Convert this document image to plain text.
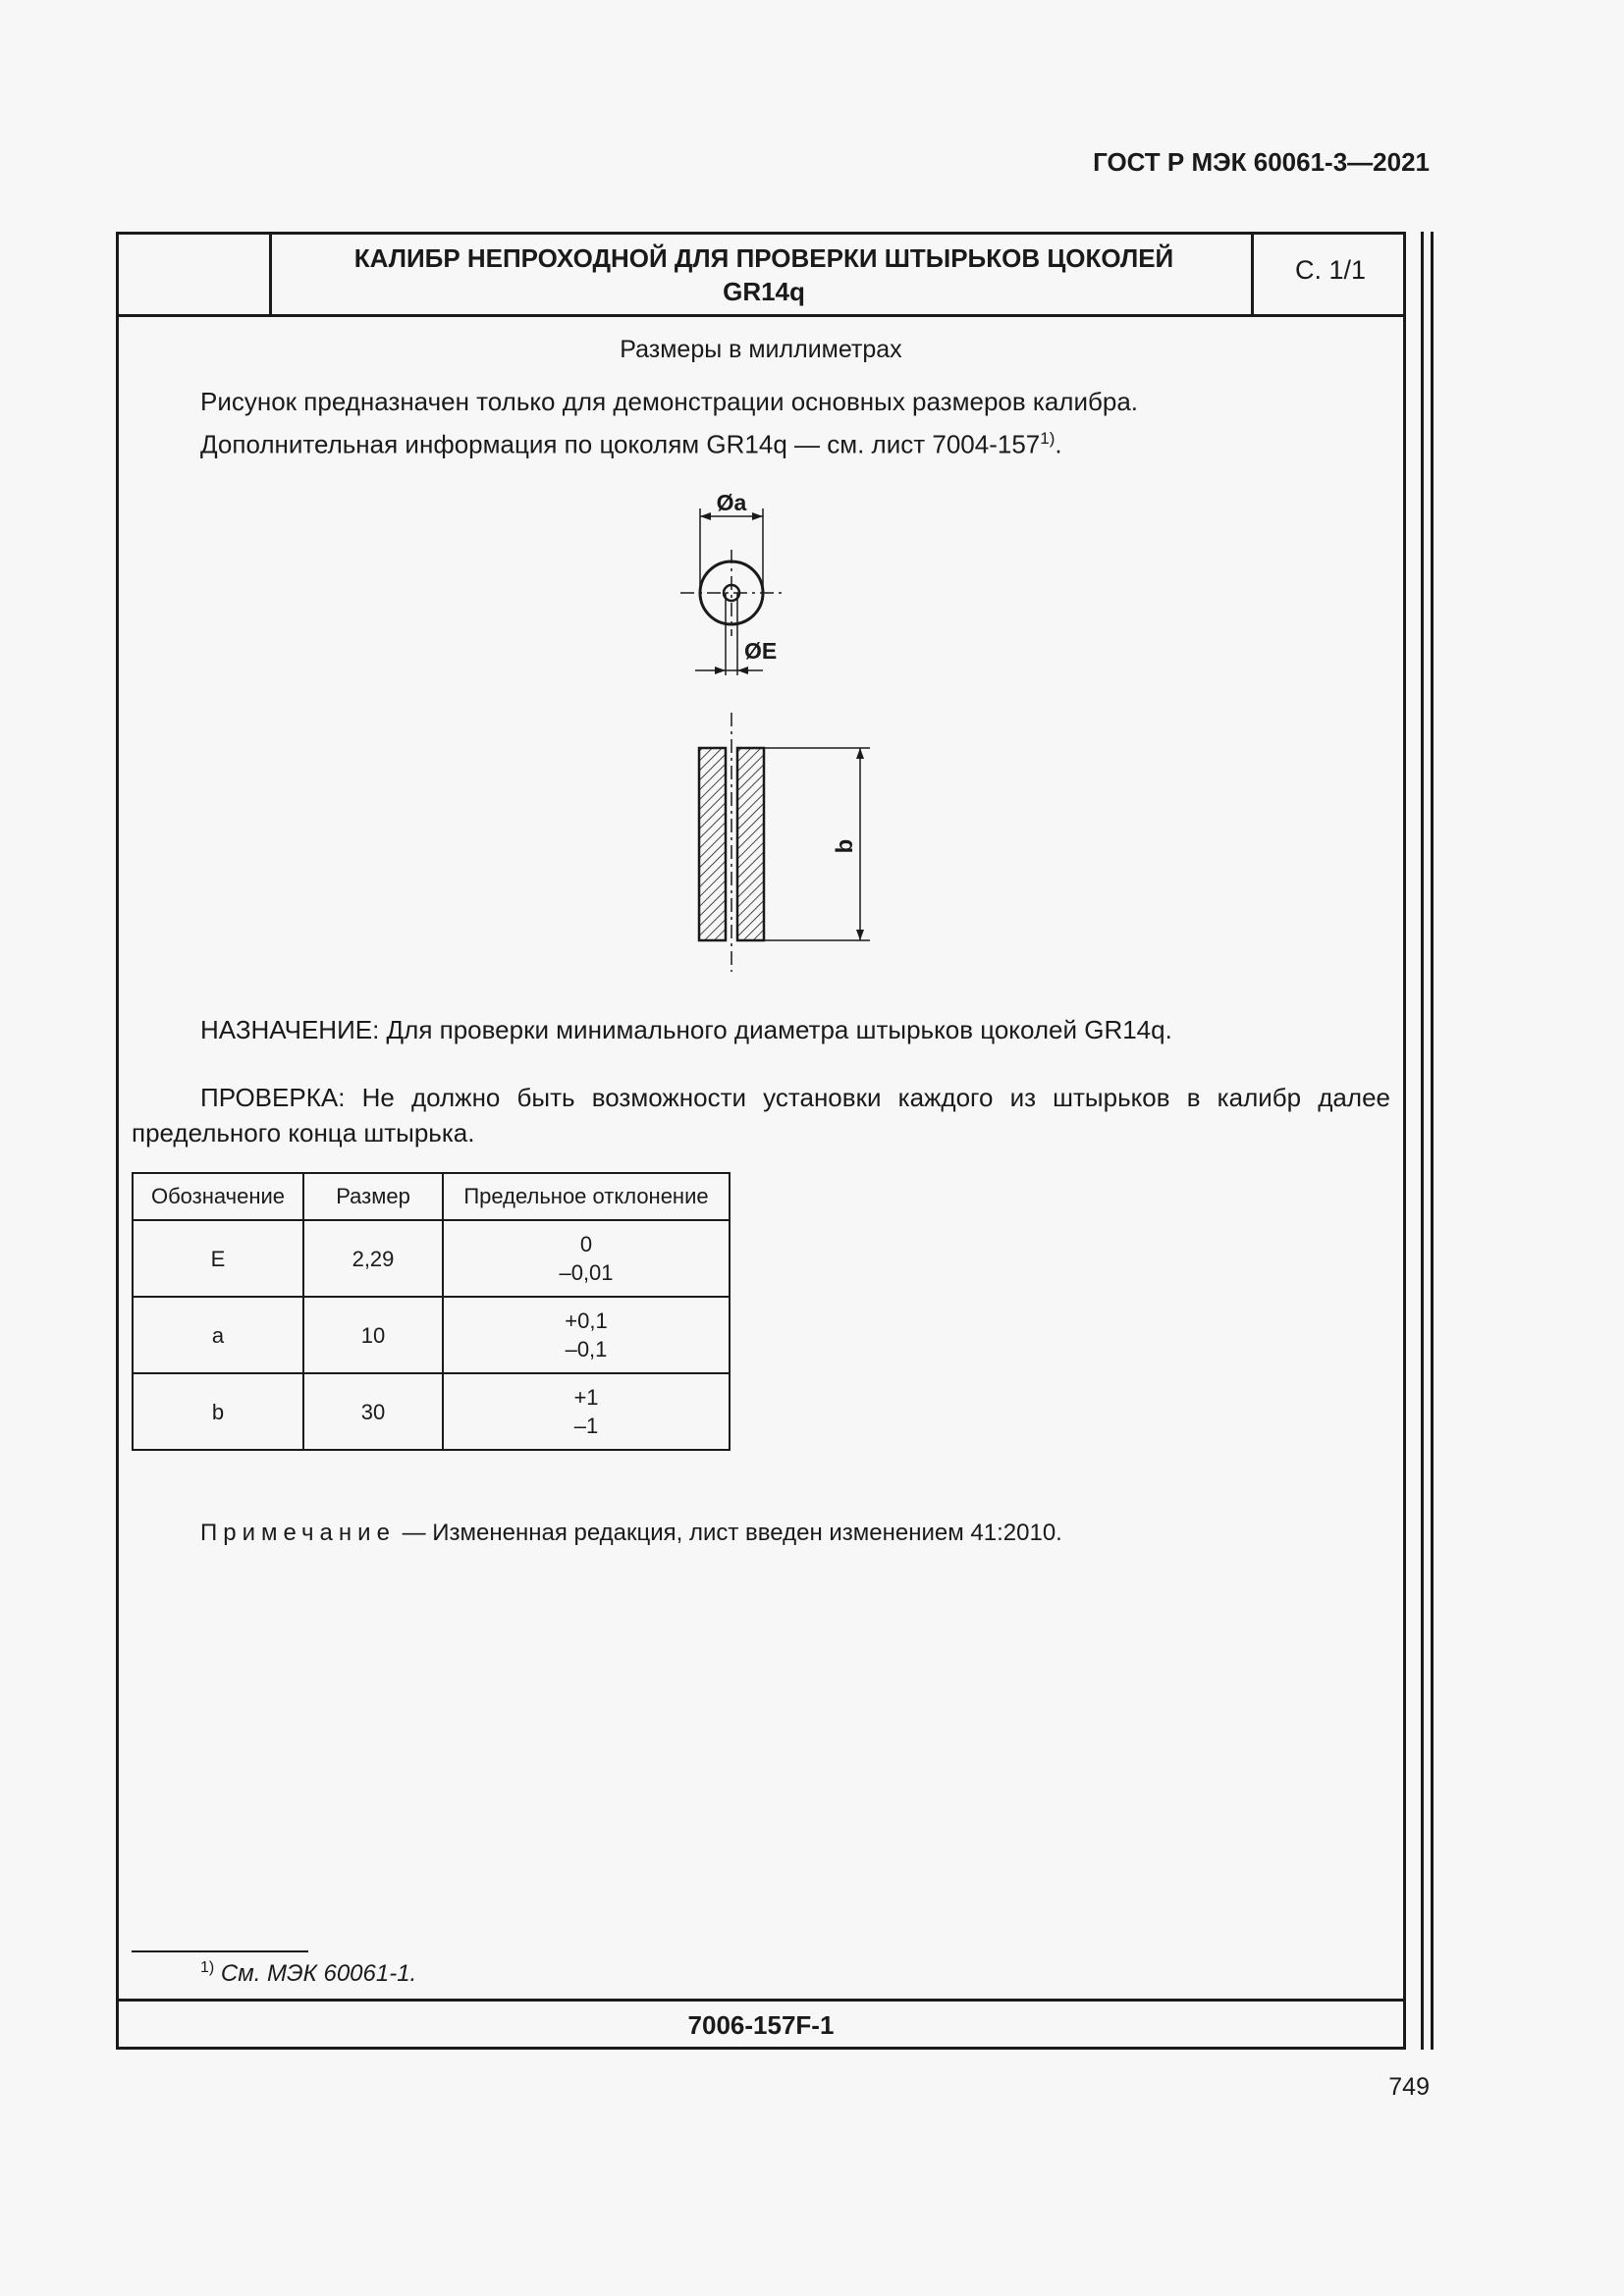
ГОСТ Р МЭК 60061-3—2021
КАЛИБР НЕПРОХОДНОЙ ДЛЯ ПРОВЕРКИ ШТЫРЬКОВ ЦОКОЛЕЙ
GR14q
С. 1/1
Размеры в миллиметрах
Рисунок предназначен только для демонстрации основных размеров калибра.
Дополнительная информация по цоколям GR14q — см. лист 7004-157$^{1)}$.
Øa
ØE
b
НАЗНАЧЕНИЕ: Для проверки минимального диаметра штырьков цоколей GR14q.
ПРОВЕРКА: Не должно быть возможности установки каждого из штырьков в калибр далее предельного конца штырька.
Обозначение	Размер	Предельное отклонение
E	2,29	0
–0,01

a	10	+0,1
–0,1

b	30	+1
–1
Примечание — Измененная редакция, лист введен изменением 41:2010.
$^{1)}$ См. МЭК 60061-1.
7006-157F-1
749
